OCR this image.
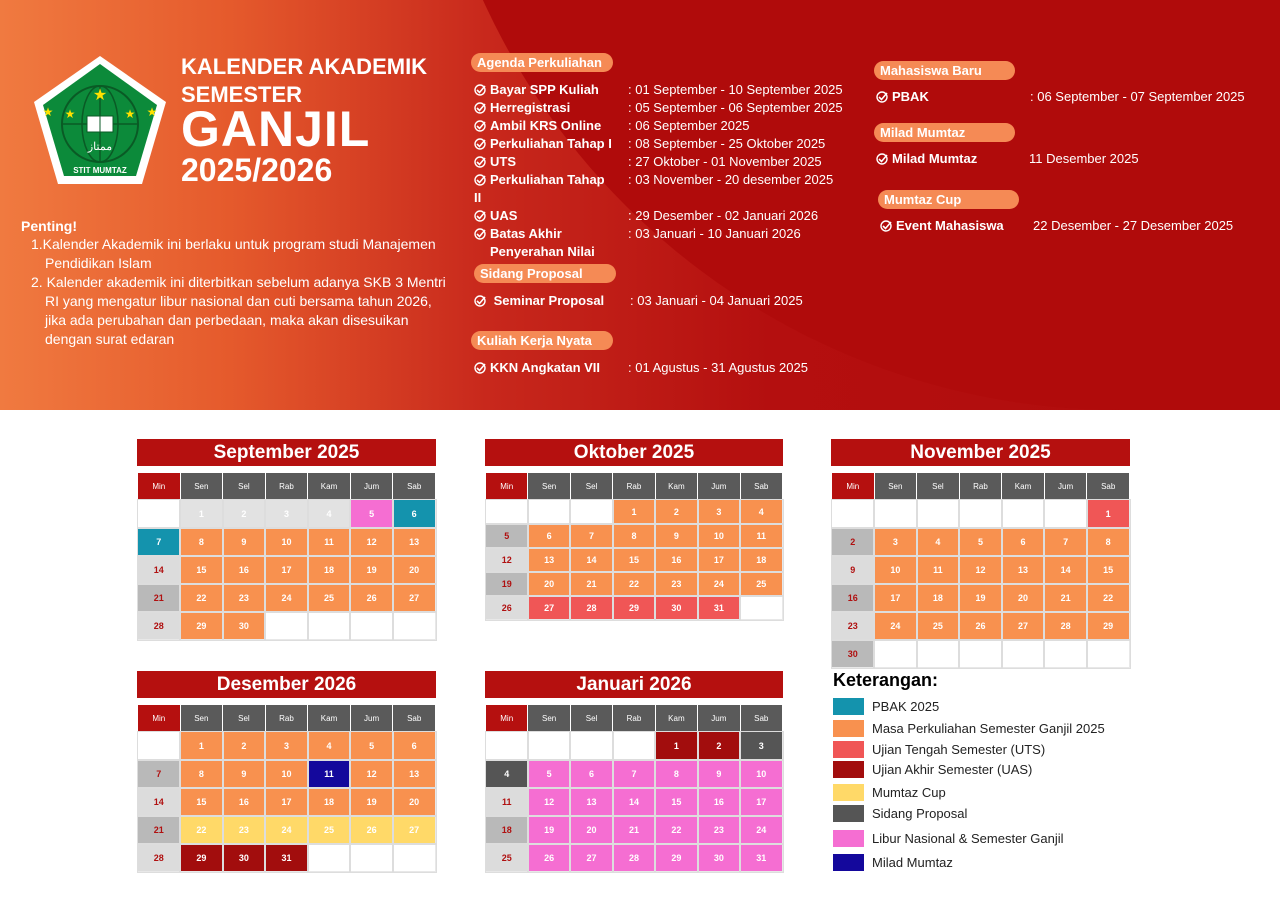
★
★	★
★	★
ممتاز
STIT MUMTAZ
KALENDER AKADEMIK
SEMESTER
GANJIL
2025/2026
Penting!
1.Kalender Akademik ini berlaku untuk program studi Manajemen
Pendidikan Islam
2. Kalender akademik ini diterbitkan sebelum adanya SKB 3 Mentri
RI yang mengatur libur nasional dan cuti bersama tahun 2026,
jika ada perubahan dan perbedaan, maka akan disesuikan
dengan surat edaran
Agenda Perkuliahan
Bayar SPP Kuliah	: 01 September - 10 September 2025
Herregistrasi	: 05 September - 06 September 2025
Ambil KRS Online	: 06 September 2025
Perkuliahan Tahap I : 08 September - 25 Oktober 2025
UTS	: 27 Oktober - 01 November 2025
Perkuliahan Tahap II
: 03 November - 20 desember 2025
UAS	: 29 Desember - 02 Januari 2026
Batas Akhir	: 03 Januari - 10 Januari 2026
Penyerahan Nilai
Sidang Proposal
Seminar Proposal	: 03 Januari - 04 Januari 2025
Kuliah Kerja Nyata
KKN Angkatan VII	: 01 Agustus - 31 Agustus 2025
Mahasiswa Baru
PBAK	: 06 September - 07 September 2025
Milad Mumtaz
Milad Mumtaz	11 Desember 2025
Mumtaz Cup
Event Mahasiswa	22 Desember - 27 Desember 2025
September 2025
Min	Sen	Sel	Rab	Kam	Jum	Sab
	1	2	3	4	5	6
7	8	9	10	11	12	13
14	15	16	17	18	19	20
21	22	23	24	25	26	27
28	29	30				
Oktober 2025
Min	Sen	Sel	Rab	Kam	Jum	Sab
			1	2	3	4
5	6	7	8	9	10	11
12	13	14	15	16	17	18
19	20	21	22	23	24	25
26	27	28	29	30	31	
November 2025
Min	Sen	Sel	Rab	Kam	Jum	Sab
						1
2	3	4	5	6	7	8
9	10	11	12	13	14	15
16	17	18	19	20	21	22
23	24	25	26	27	28	29
30						
Desember 2026
Min	Sen	Sel	Rab	Kam	Jum	Sab
	1	2	3	4	5	6
7	8	9	10	11	12	13
14	15	16	17	18	19	20
21	22	23	24	25	26	27
28	29	30	31			
Januari 2026
Min	Sen	Sel	Rab	Kam	Jum	Sab
				1	2	3
4	5	6	7	8	9	10
11	12	13	14	15	16	17
18	19	20	21	22	23	24
25	26	27	28	29	30	31
Keterangan:
PBAK 2025
Masa Perkuliahan Semester Ganjil 2025
Ujian Tengah Semester (UTS)
Ujian Akhir Semester (UAS)
Mumtaz Cup
Sidang Proposal
Libur Nasional & Semester Ganjil
Milad Mumtaz
